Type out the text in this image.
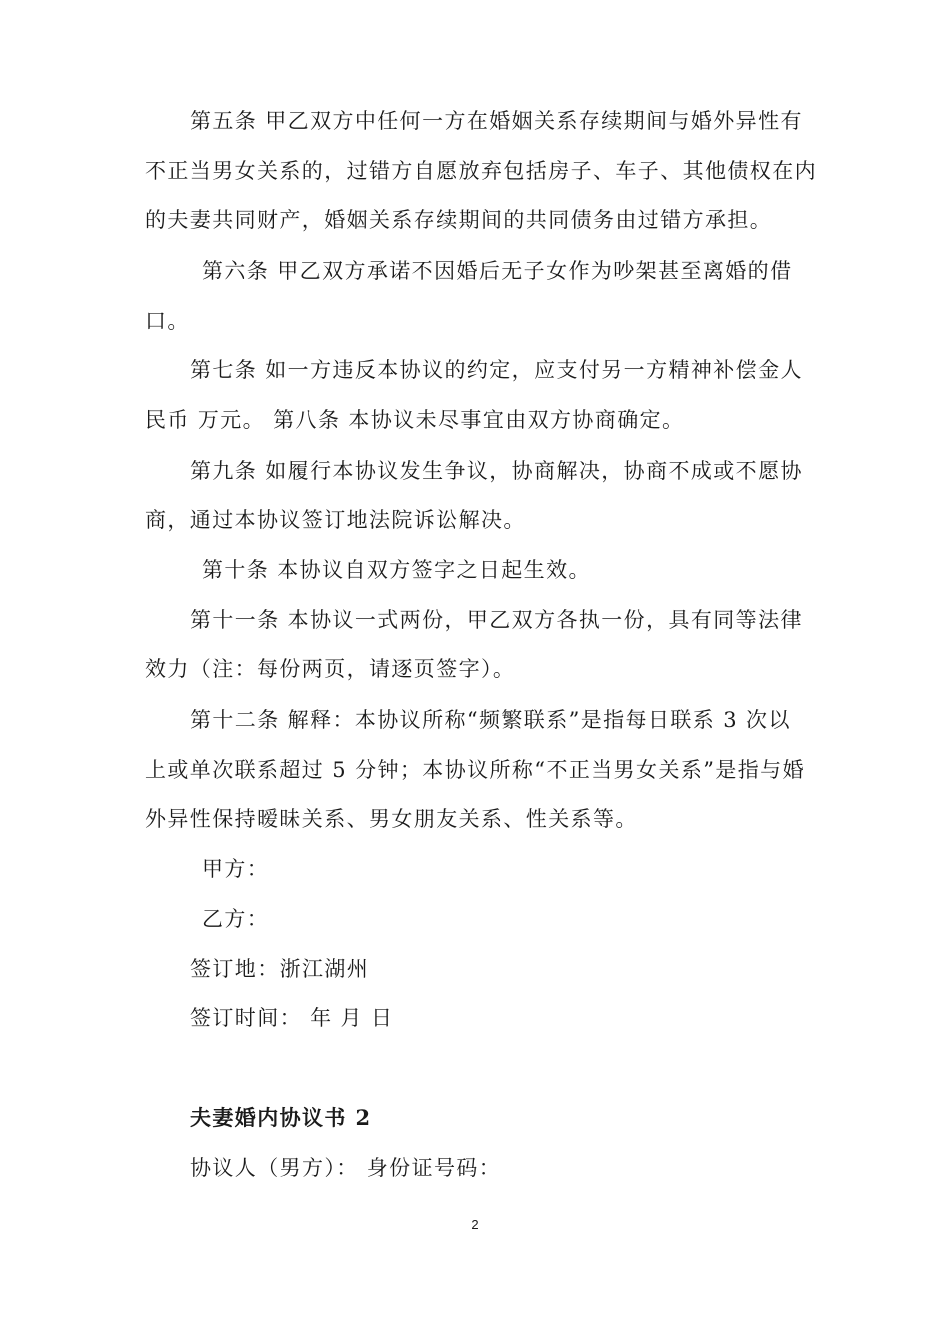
第五条 甲乙双方中任何一方在婚姻关系存续期间与婚外异性有
不正当男女关系的，过错方自愿放弃包括房子、车子、其他债权在内
的夫妻共同财产，婚姻关系存续期间的共同债务由过错方承担。
第六条 甲乙双方承诺不因婚后无子女作为吵架甚至离婚的借
口。
第七条 如一方违反本协议的约定，应支付另一方精神补偿金人
民币 万元。 第八条 本协议未尽事宜由双方协商确定。
第九条 如履行本协议发生争议，协商解决，协商不成或不愿协
商，通过本协议签订地法院诉讼解决。
第十条 本协议自双方签字之日起生效。
第十一条 本协议一式两份，甲乙双方各执一份，具有同等法律
效力（注：每份两页，请逐页签字）。
第十二条 解释：本协议所称“频繁联系”是指每日联系 3 次以
上或单次联系超过 5 分钟；本协议所称“不正当男女关系”是指与婚
外异性保持暧昧关系、男女朋友关系、性关系等。
甲方：
乙方：
签订地：浙江湖州
签订时间： 年 月 日
夫妻婚内协议书 2
协议人（男方）： 身份证号码：
2
